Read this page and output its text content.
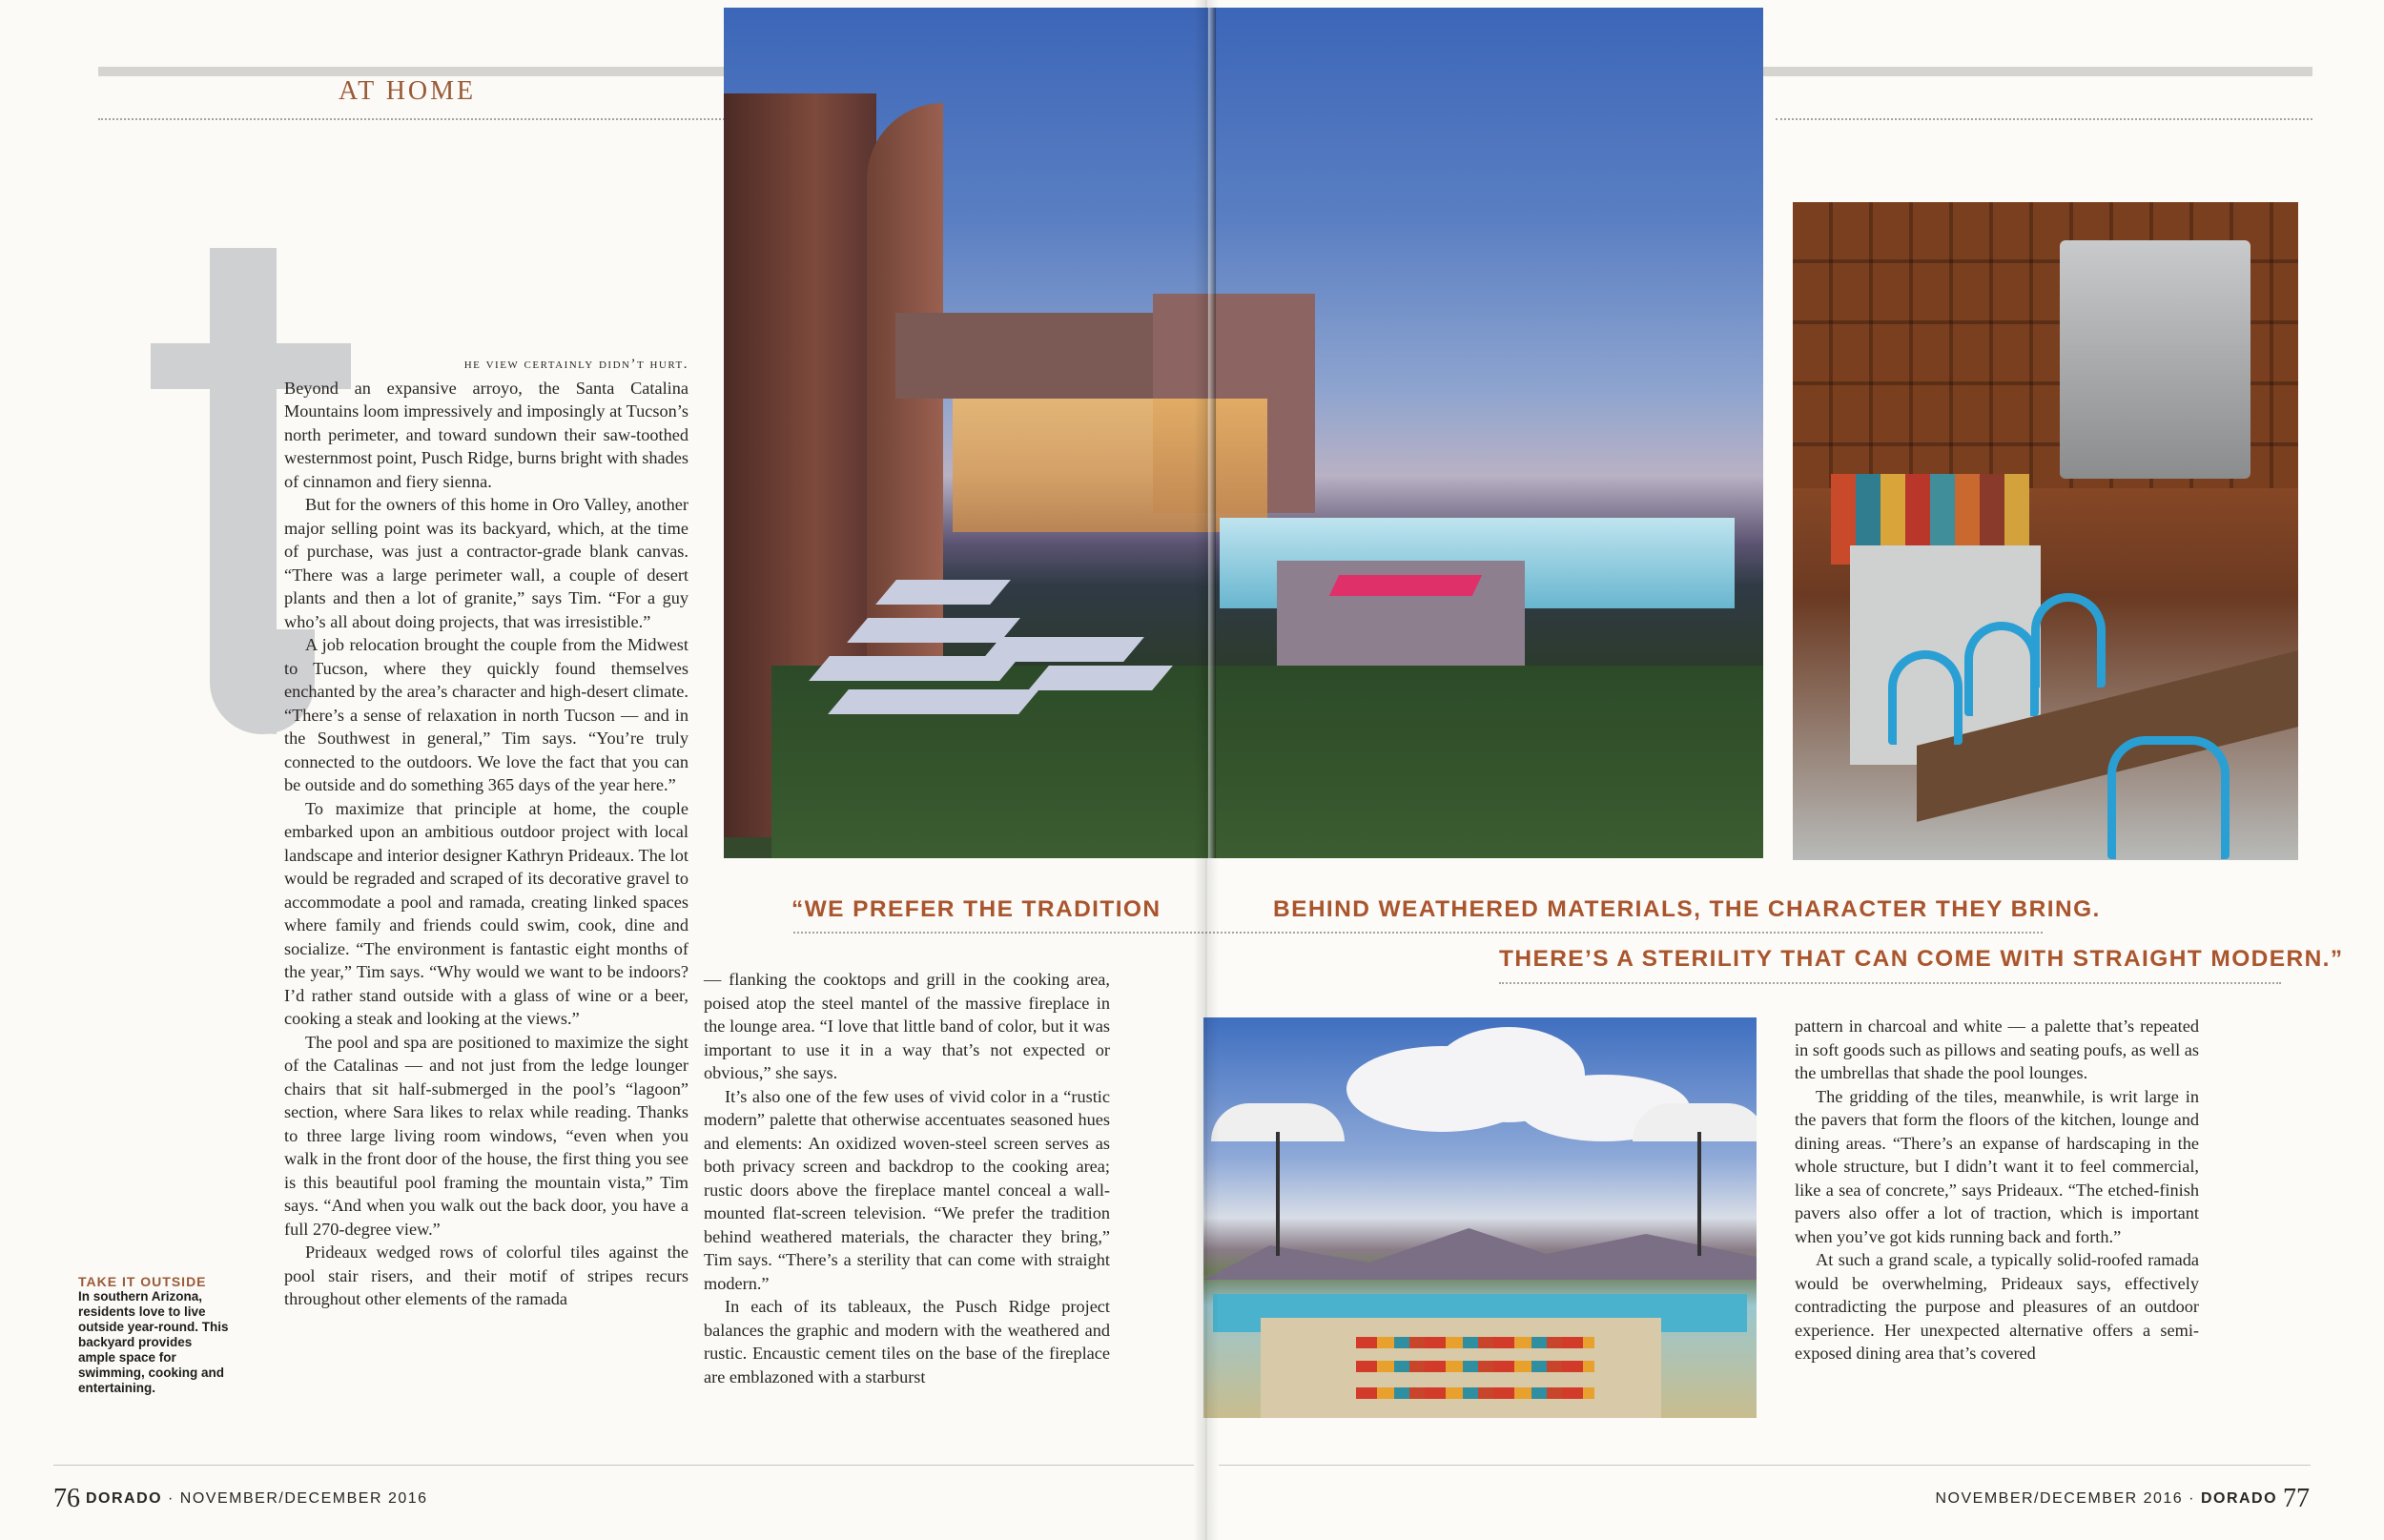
AT HOME

he view certainly didn’t hurt.

Beyond an expansive arroyo, the Santa Catalina Mountains loom impressively and imposingly at Tucson’s north perimeter, and toward sundown their saw-toothed westernmost point, Pusch Ridge, burns bright with shades of cinnamon and fiery sienna.

But for the owners of this home in Oro Valley, another major selling point was its backyard, which, at the time of purchase, was just a contractor-grade blank canvas. “There was a large perimeter wall, a couple of desert plants and then a lot of granite,” says Tim. “For a guy who’s all about doing projects, that was irresistible.”

A job relocation brought the couple from the Midwest to Tucson, where they quickly found themselves enchanted by the area’s character and high-desert climate. “There’s a sense of relaxation in north Tucson — and in the Southwest in general,” Tim says. “You’re truly connected to the outdoors. We love the fact that you can be outside and do something 365 days of the year here.”

To maximize that principle at home, the couple embarked upon an ambitious outdoor project with local landscape and interior designer Kathryn Prideaux. The lot would be regraded and scraped of its decorative gravel to accommodate a pool and ramada, creating linked spaces where family and friends could swim, cook, dine and socialize. “The environment is fantastic eight months of the year,” Tim says. “Why would we want to be indoors? I’d rather stand outside with a glass of wine or a beer, cooking a steak and looking at the views.”

The pool and spa are positioned to maximize the sight of the Catalinas — and not just from the ledge lounger chairs that sit half-submerged in the pool’s “lagoon” section, where Sara likes to relax while reading. Thanks to three large living room windows, “even when you walk in the front door of the house, the first thing you see is this beautiful pool framing the mountain vista,” Tim says. “And when you walk out the back door, you have a full 270-degree view.”

Prideaux wedged rows of colorful tiles against the pool stair risers, and their motif of stripes recurs throughout other elements of the ramada

— flanking the cooktops and grill in the cooking area, poised atop the steel mantel of the massive fireplace in the lounge area. “I love that little band of color, but it was important to use it in a way that’s not expected or obvious,” she says.

It’s also one of the few uses of vivid color in a “rustic modern” palette that otherwise accentuates seasoned hues and elements: An oxidized woven-steel screen serves as both privacy screen and backdrop to the cooking area; rustic doors above the fireplace mantel conceal a wall-mounted flat-screen television. “We prefer the tradition behind weathered materials, the character they bring,” Tim says. “There’s a sterility that can come with straight modern.”

In each of its tableaux, the Pusch Ridge project balances the graphic and modern with the weathered and rustic. Encaustic cement tiles on the base of the fireplace are emblazoned with a starburst

pattern in charcoal and white — a palette that’s repeated in soft goods such as pillows and seating poufs, as well as the umbrellas that shade the pool lounges.

The gridding of the tiles, meanwhile, is writ large in the pavers that form the floors of the kitchen, lounge and dining areas. “There’s an expanse of hardscaping in the whole structure, but I didn’t want it to feel commercial, like a sea of concrete,” says Prideaux. “The etched-finish pavers also offer a lot of traction, which is important when you’ve got kids running back and forth.”

At such a grand scale, a typically solid-roofed ramada would be overwhelming, Prideaux says, effectively contradicting the purpose and pleasures of an outdoor experience. Her unexpected alternative offers a semi-exposed dining area that’s covered

“WE PREFER THE TRADITION	BEHIND WEATHERED MATERIALS, THE CHARACTER THEY BRING.
THERE’S A STERILITY THAT CAN COME WITH STRAIGHT MODERN.”
TAKE IT OUTSIDE
In southern Arizona, residents love to live outside year-round. This backyard provides ample space for swimming, cooking and entertaining.
76 DORADO · NOVEMBER/DECEMBER 2016	NOVEMBER/DECEMBER 2016 · DORADO 77
